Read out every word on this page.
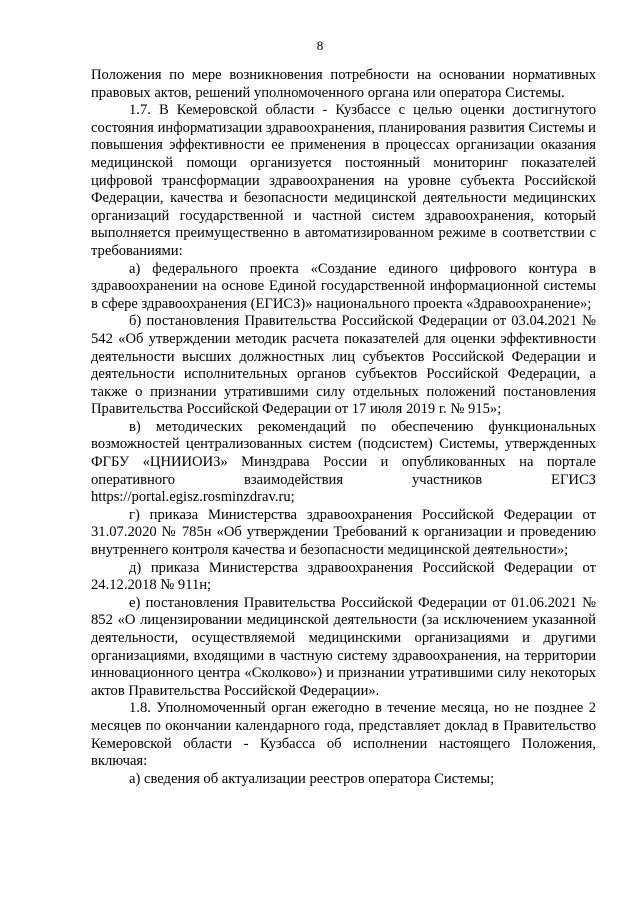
8

Положения по мере возникновения потребности на основании нормативных правовых актов, решений уполномоченного органа или оператора Системы.

1.7. В Кемеровской области - Кузбассе с целью оценки достигнутого состояния информатизации здравоохранения, планирования развития Системы и повышения эффективности ее применения в процессах организации оказания медицинской помощи организуется постоянный мониторинг показателей цифровой трансформации здравоохранения на уровне субъекта Российской Федерации, качества и безопасности медицинской деятельности медицинских организаций государственной и частной систем здравоохранения, который выполняется преимущественно в автоматизированном режиме в соответствии с требованиями:

а) федерального проекта «Создание единого цифрового контура в здравоохранении на основе Единой государственной информационной системы в сфере здравоохранения (ЕГИСЗ)» национального проекта «Здравоохранение»;

б) постановления Правительства Российской Федерации от 03.04.2021 № 542 «Об утверждении методик расчета показателей для оценки эффективности деятельности высших должностных лиц субъектов Российской Федерации и деятельности исполнительных органов субъектов Российской Федерации, а также о признании утратившими силу отдельных положений постановления Правительства Российской Федерации от 17 июля 2019 г. № 915»;

в) методических рекомендаций по обеспечению функциональных возможностей централизованных систем (подсистем) Системы, утвержденных ФГБУ «ЦНИИОИЗ» Минздрава России и опубликованных на портале оперативного взаимодействия участников ЕГИСЗ https://portal.egisz.rosminzdrav.ru;

г) приказа Министерства здравоохранения Российской Федерации от 31.07.2020 № 785н «Об утверждении Требований к организации и проведению внутреннего контроля качества и безопасности медицинской деятельности»;

д) приказа Министерства здравоохранения Российской Федерации от 24.12.2018 № 911н;

е) постановления Правительства Российской Федерации от 01.06.2021 № 852 «О лицензировании медицинской деятельности (за исключением указанной деятельности, осуществляемой медицинскими организациями и другими организациями, входящими в частную систему здравоохранения, на территории инновационного центра «Сколково») и признании утратившими силу некоторых актов Правительства Российской Федерации».

1.8. Уполномоченный орган ежегодно в течение месяца, но не позднее 2 месяцев по окончании календарного года, представляет доклад в Правительство Кемеровской области - Кузбасса об исполнении настоящего Положения, включая:

а) сведения об актуализации реестров оператора Системы;
